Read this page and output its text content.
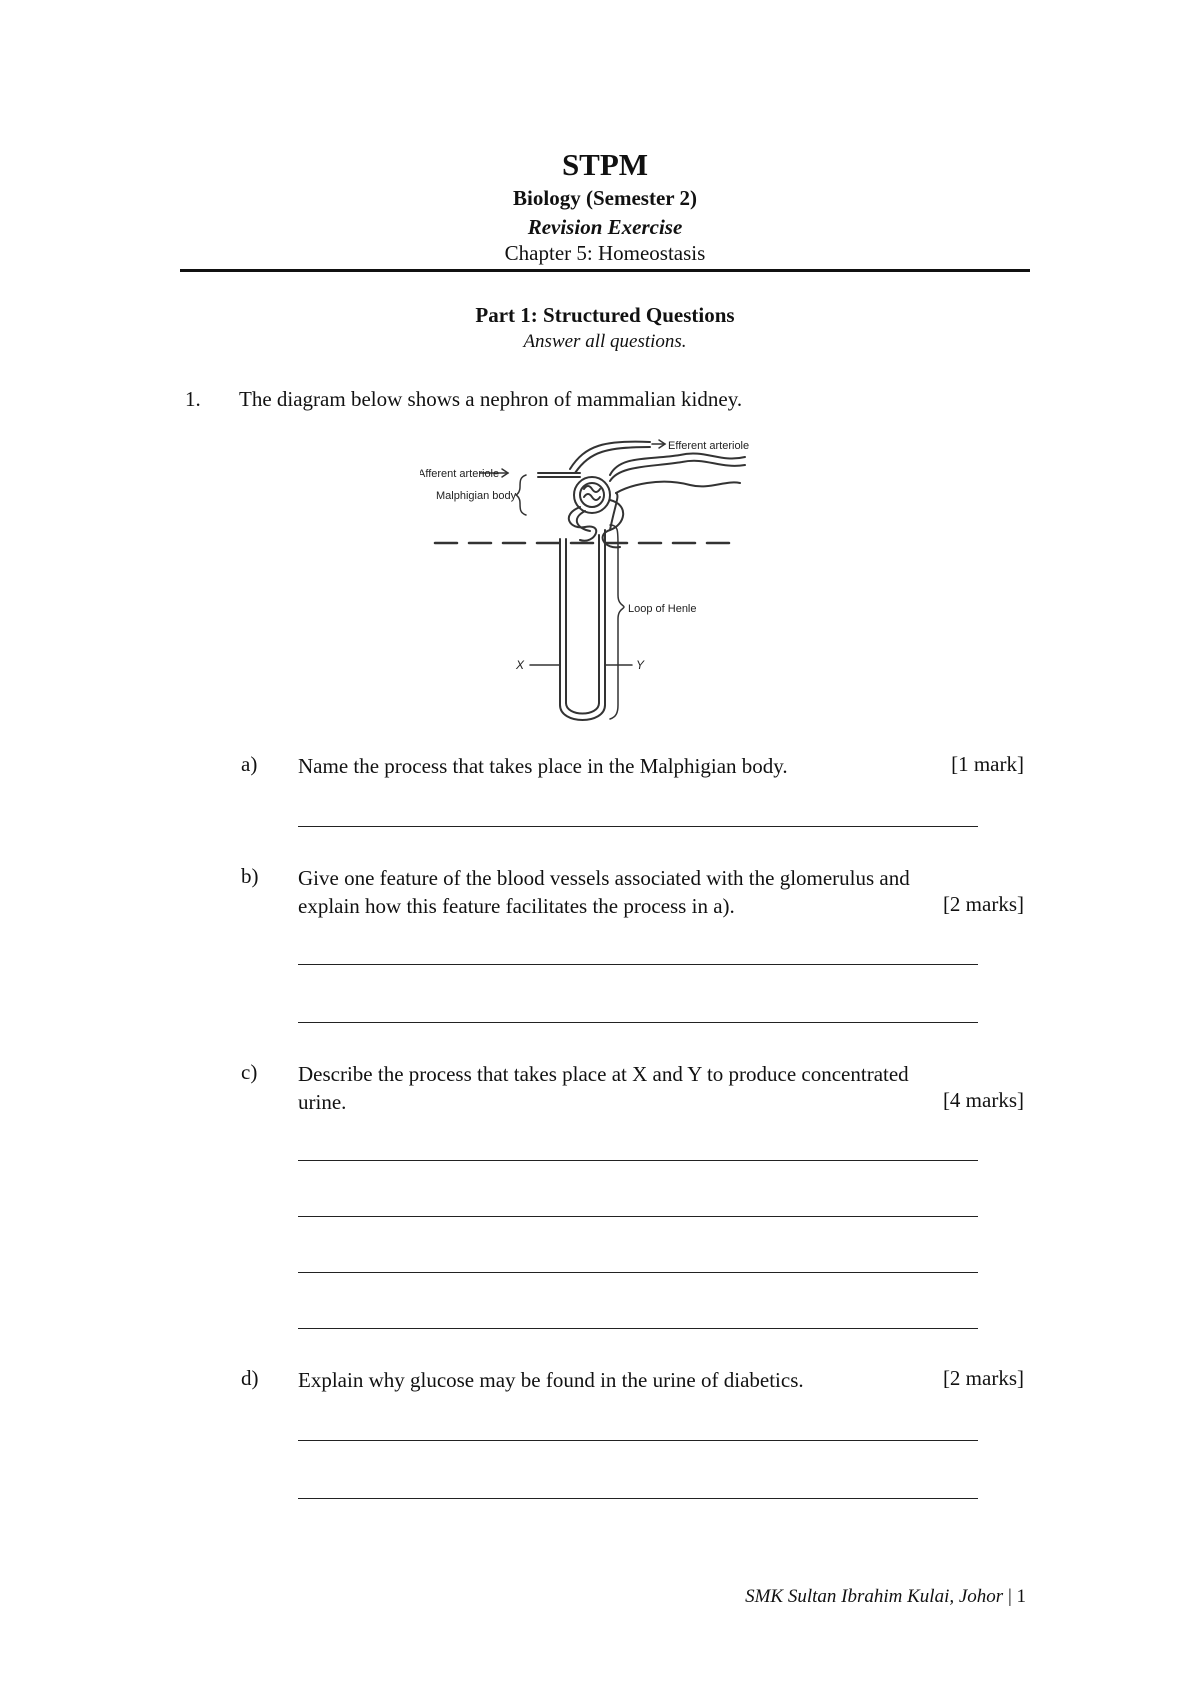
STPM
Biology (Semester 2)
Revision Exercise
Chapter 5: Homeostasis
Part 1: Structured Questions
Answer all questions.
1. The diagram below shows a nephron of mammalian kidney.
Efferent arteriole
Afferent arteriole
Malphigian body
Loop of Henle
X	Y
a) Name the process that takes place in the Malphigian body.	[1 mark]
b) Give one feature of the blood vessels associated with the glomerulus and
explain how this feature facilitates the process in a).	[2 marks]
c) Describe the process that takes place at X and Y to produce concentrated
urine.	[4 marks]
d) Explain why glucose may be found in the urine of diabetics.	[2 marks]
SMK Sultan Ibrahim Kulai, Johor | 1
